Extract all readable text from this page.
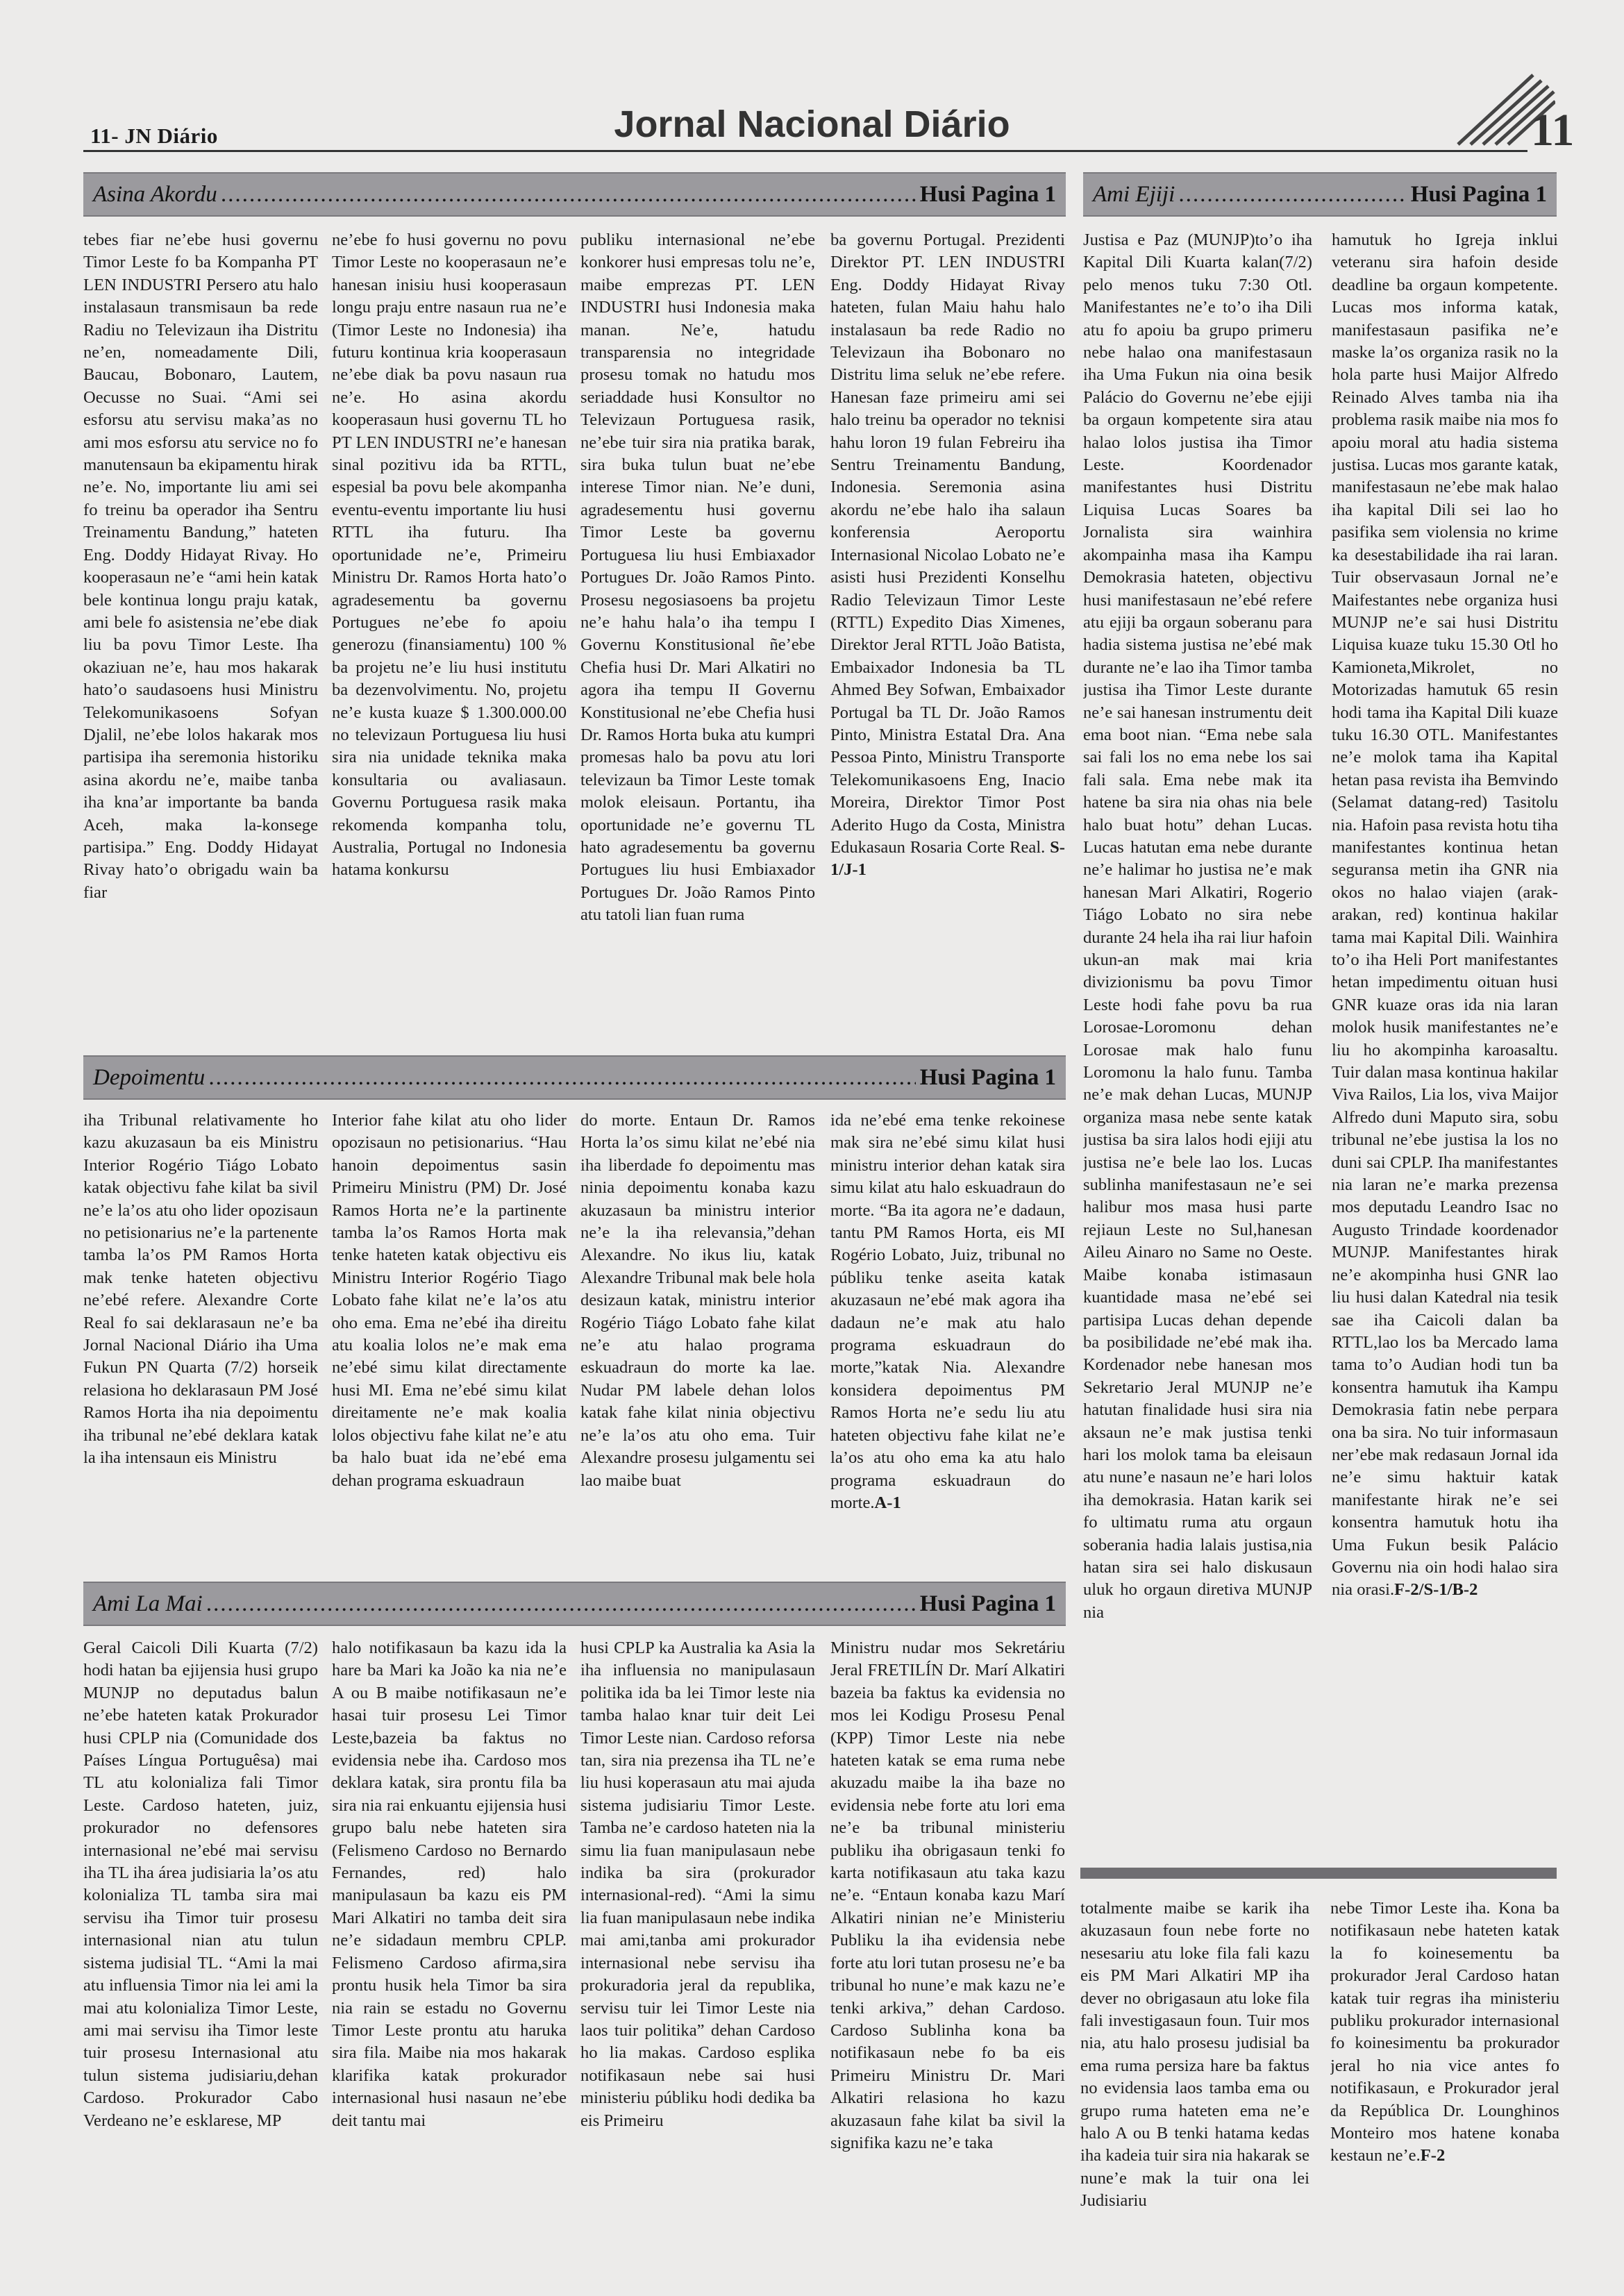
11- JN Diário	Jornal Nacional Diário	11
Asina Akordu .....	Husi Pagina 1

tebes fiar ne’ebe husi governu Timor Leste fo ba Kompanha PT LEN INDUSTRI Persero atu halo instalasaun transmisaun ba rede Radiu no Televizaun iha Distritu ne’en, nomeadamente Dili, Baucau, Bobonaro, Lautem, Oecusse no Suai. “Ami sei esforsu atu servisu maka’as no ami mos esforsu atu service no fo manutensaun ba ekipamentu hirak ne’e. No, importante liu ami sei fo treinu ba operador iha Sentru Treinamentu Bandung,” hateten Eng. Doddy Hidayat Rivay. Ho kooperasaun ne’e “ami hein katak bele kontinua longu praju katak, ami bele fo asistensia ne’ebe diak liu ba povu Timor Leste. Iha okaziuan ne’e, hau mos hakarak hato’o saudasoens husi Ministru Telekomunikasoens Sofyan Djalil, ne’ebe lolos hakarak mos partisipa iha seremonia historiku asina akordu ne’e, maibe tanba iha kna’ar importante ba banda Aceh, maka la-konsege partisipa.” Eng. Doddy Hidayat Rivay hato’o obrigadu wain ba fiar

ne’ebe fo husi governu no povu Timor Leste no kooperasaun ne’e hanesan inisiu husi kooperasaun longu praju entre nasaun rua ne’e (Timor Leste no Indonesia) iha futuru kontinua kria kooperasaun ne’ebe diak ba povu nasaun rua ne’e. Ho asina akordu kooperasaun husi governu TL ho PT LEN INDUSTRI ne’e hanesan sinal pozitivu ida ba RTTL, espesial ba povu bele akompanha eventu-eventu importante liu husi RTTL iha futuru. Iha oportunidade ne’e, Primeiru Ministru Dr. Ramos Horta hato’o agradesementu ba governu Portugues ne’ebe fo apoiu generozu (finansiamentu) 100 % ba projetu ne’e liu husi institutu ba dezenvolvimentu. No, projetu ne’e kusta kuaze $ 1.300.000.00 no televizaun Portuguesa liu husi sira nia unidade teknika maka konsultaria ou avaliasaun. Governu Portuguesa rasik maka rekomenda kompanha tolu, Australia, Portugal no Indonesia hatama konkursu

publiku internasional ne’ebe konkorer husi empresas tolu ne’e, maibe emprezas PT. LEN INDUSTRI husi Indonesia maka manan. Ne’e, hatudu transparensia no integridade prosesu tomak no hatudu mos seriaddade husi Konsultor no Televizaun Portuguesa rasik, ne’ebe tuir sira nia pratika barak, sira buka tulun buat ne’ebe interese Timor nian. Ne’e duni, agradesementu husi governu Timor Leste ba governu Portuguesa liu husi Embiaxador Portugues Dr. João Ramos Pinto. Prosesu negosiasoens ba projetu ne’e hahu hala’o iha tempu I Governu Konstitusional ñe’ebe Chefia husi Dr. Mari Alkatiri no agora iha tempu II Governu Konstitusional ne’ebe Chefia husi Dr. Ramos Horta buka atu kumpri promesas halo ba povu atu lori televizaun ba Timor Leste tomak molok eleisaun. Portantu, iha oportunidade ne’e governu TL hato agradesementu ba governu Portugues liu husi Embiaxador Portugues Dr. João Ramos Pinto atu tatoli lian fuan ruma

ba governu Portugal. Prezidenti Direktor PT. LEN INDUSTRI Eng. Doddy Hidayat Rivay hateten, fulan Maiu hahu halo instalasaun ba rede Radio no Televizaun iha Bobonaro no Distritu lima seluk ne’ebe refere. Hanesan faze primeiru ami sei halo treinu ba operador no teknisi hahu loron 19 fulan Febreiru iha Sentru Treinamentu Bandung, Indonesia. Seremonia asina akordu ne’ebe halo iha salaun konferensia Aeroportu Internasional Nicolao Lobato ne’e asisti husi Prezidenti Konselhu Radio Televizaun Timor Leste (RTTL) Expedito Dias Ximenes, Direktor Jeral RTTL João Batista, Embaixador Indonesia ba TL Ahmed Bey Sofwan, Embaixador Portugal ba TL Dr. João Ramos Pinto, Ministra Estatal Dra. Ana Pessoa Pinto, Ministru Transporte Telekomunikasoens Eng, Inacio Moreira, Direktor Timor Post Aderito Hugo da Costa, Ministra Edukasaun Rosaria Corte Real. S-1/J-1

Depoimentu .....	Husi Pagina 1

iha Tribunal relativamente ho kazu akuzasaun ba eis Ministru Interior Rogério Tiágo Lobato katak objectivu fahe kilat ba sivil ne’e la’os atu oho lider opozisaun no petisionarius ne’e la partenente tamba la’os PM Ramos Horta mak tenke hateten objectivu ne’ebé refere. Alexandre Corte Real fo sai deklarasaun ne’e ba Jornal Nacional Diário iha Uma Fukun PN Quarta (7/2) horseik relasiona ho deklarasaun PM José Ramos Horta iha nia depoimentu iha tribunal ne’ebé deklara katak la iha intensaun eis Ministru

Interior fahe kilat atu oho lider opozisaun no petisionarius. “Hau hanoin depoimentus sasin Primeiru Ministru (PM) Dr. José Ramos Horta ne’e la partinente tamba la’os Ramos Horta mak tenke hateten katak objectivu eis Ministru Interior Rogério Tiago Lobato fahe kilat ne’e la’os atu oho ema. Ema ne’ebé iha direitu atu koalia lolos ne’e mak ema ne’ebé simu kilat directamente husi MI. Ema ne’ebé simu kilat direitamente ne’e mak koalia lolos objectivu fahe kilat ne’e atu ba halo buat ida ne’ebé ema dehan programa eskuadraun

do morte. Entaun Dr. Ramos Horta la’os simu kilat ne’ebé nia iha liberdade fo depoimentu mas ninia depoimentu konaba kazu akuzasaun ba ministru interior ne’e la iha relevansia,”dehan Alexandre. No ikus liu, katak Alexandre Tribunal mak bele hola desizaun katak, ministru interior Rogério Tiágo Lobato fahe kilat ne’e atu halao programa eskuadraun do morte ka lae. Nudar PM labele dehan lolos katak fahe kilat ninia objectivu ne’e la’os atu oho ema. Tuir Alexandre prosesu julgamentu sei lao maibe buat

ida ne’ebé ema tenke rekoinese mak sira ne’ebé simu kilat husi ministru interior dehan katak sira simu kilat atu halo eskuadraun do morte. “Ba ita agora ne’e dadaun, tantu PM Ramos Horta, eis MI Rogério Lobato, Juiz, tribunal no públiku tenke aseita katak akuzasaun ne’ebé mak agora iha dadaun ne’e mak atu halo programa eskuadraun do morte,”katak Nia. Alexandre konsidera depoimentus PM Ramos Horta ne’e sedu liu atu hateten objectivu fahe kilat ne’e la’os atu oho ema ka atu halo programa eskuadraun do morte.A-1

Ami La Mai .....	Husi Pagina 1

Geral Caicoli Dili Kuarta (7/2) hodi hatan ba ejijensia husi grupo MUNJP no deputadus balun ne’ebe hateten katak Prokurador husi CPLP nia (Comunidade dos Países Língua Portuguêsa) mai TL atu kolonializa fali Timor Leste. Cardoso hateten, juiz, prokurador no defensores internasional ne’ebé mai servisu iha TL iha área judisiaria la’os atu kolonializa TL tamba sira mai servisu iha Timor tuir prosesu internasional nian atu tulun sistema judisial TL. “Ami la mai atu influensia Timor nia lei ami la mai atu kolonializa Timor Leste, ami mai servisu iha Timor leste tuir prosesu Internasional atu tulun sistema judisiariu,dehan Cardoso. Prokurador Cabo Verdeano ne’e esklarese, MP

halo notifikasaun ba kazu ida la hare ba Mari ka João ka nia ne’e A ou B maibe notifikasaun ne’e hasai tuir prosesu Lei Timor Leste,bazeia ba faktus no evidensia nebe iha. Cardoso mos deklara katak, sira prontu fila ba sira nia rai enkuantu ejijensia husi grupo balu nebe hateten sira (Felismeno Cardoso no Bernardo Fernandes, red) halo manipulasaun ba kazu eis PM Mari Alkatiri no tamba deit sira ne’e sidadaun membru CPLP. Felismeno Cardoso afirma,sira prontu husik hela Timor ba sira nia rain se estadu no Governu Timor Leste prontu atu haruka sira fila. Maibe nia mos hakarak klarifika katak prokurador internasional husi nasaun ne’ebe deit tantu mai

husi CPLP ka Australia ka Asia la iha influensia no manipulasaun politika ida ba lei Timor leste nia tamba halao knar tuir deit Lei Timor Leste nian. Cardoso reforsa tan, sira nia prezensa iha TL ne’e liu husi koperasaun atu mai ajuda sistema judisiariu Timor Leste. Tamba ne’e cardoso hateten nia la simu lia fuan manipulasaun nebe indika ba sira (prokurador internasional-red). “Ami la simu lia fuan manipulasaun nebe indika mai ami,tanba ami prokurador internasional nebe servisu iha prokuradoria jeral da republika, servisu tuir lei Timor Leste nia laos tuir politika” dehan Cardoso ho lia makas. Cardoso esplika notifikasaun nebe sai husi ministeriu públiku hodi dedika ba eis Primeiru

Ministru nudar mos Sekretáriu Jeral FRETILÍN Dr. Marí Alkatiri bazeia ba faktus ka evidensia no mos lei Kodigu Prosesu Penal (KPP) Timor Leste nia nebe hateten katak se ema ruma nebe akuzadu maibe la iha baze no evidensia nebe forte atu lori ema ne’e ba tribunal ministeriu publiku iha obrigasaun tenki fo karta notifikasaun atu taka kazu ne’e. “Entaun konaba kazu Marí Alkatiri ninian ne’e Ministeriu Publiku la iha evidensia nebe forte atu lori tutan prosesu ne’e ba tribunal ho nune’e mak kazu ne’e tenki arkiva,” dehan Cardoso. Cardoso Sublinha kona ba notifikasaun nebe fo ba eis Primeiru Ministru Dr. Mari Alkatiri relasiona ho kazu akuzasaun fahe kilat ba sivil la signifika kazu ne’e taka

totalmente maibe se karik iha akuzasaun foun nebe forte no nesesariu atu loke fila fali kazu eis PM Mari Alkatiri MP iha dever no obrigasaun atu loke fila fali investigasaun foun. Tuir mos nia, atu halo prosesu judisial ba ema ruma persiza hare ba faktus no evidensia laos tamba ema ou grupo ruma hateten ema ne’e halo A ou B tenki hatama kedas iha kadeia tuir sira nia hakarak se nune’e mak la tuir ona lei Judisiariu

nebe Timor Leste iha. Kona ba notifikasaun nebe hateten katak la fo koinesementu ba prokurador Jeral Cardoso hatan katak tuir regras iha ministeriu publiku prokurador internasional fo koinesimentu ba prokurador jeral ho nia vice antes fo notifikasaun, e Prokurador jeral da República Dr. Lounghinos Monteiro mos hatene konaba kestaun ne’e.F-2

Ami Ejiji .....	Husi Pagina 1

Justisa e Paz (MUNJP)to’o iha Kapital Dili Kuarta kalan(7/2) pelo menos tuku 7:30 Otl. Manifestantes ne’e to’o iha Dili atu fo apoiu ba grupo primeru nebe halao ona manifestasaun iha Uma Fukun nia oina besik Palácio do Governu ne’ebe ejiji ba orgaun kompetente sira atau halao lolos justisa iha Timor Leste. Koordenador manifestantes husi Distritu Liquisa Lucas Soares ba Jornalista sira wainhira akompainha masa iha Kampu Demokrasia hateten, objectivu husi manifestasaun ne’ebé refere atu ejiji ba orgaun soberanu para hadia sistema justisa ne’ebé mak durante ne’e lao iha Timor tamba justisa iha Timor Leste durante ne’e sai hanesan instrumentu deit ema boot nian. “Ema nebe sala sai fali los no ema nebe los sai fali sala. Ema nebe mak ita hatene ba sira nia ohas nia bele halo buat hotu” dehan Lucas. Lucas hatutan ema nebe durante ne’e halimar ho justisa ne’e mak hanesan Mari Alkatiri, Rogerio Tiágo Lobato no sira nebe durante 24 hela iha rai liur hafoin ukun-an mak mai kria divizionismu ba povu Timor Leste hodi fahe povu ba rua Lorosae-Loromonu dehan Lorosae mak halo funu Loromonu la halo funu. Tamba ne’e mak dehan Lucas, MUNJP organiza masa nebe sente katak justisa ba sira lalos hodi ejiji atu justisa ne’e bele lao los. Lucas sublinha manifestasaun ne’e sei halibur mos masa husi parte rejiaun Leste no Sul,hanesan Aileu Ainaro no Same no Oeste. Maibe konaba istimasaun kuantidade masa ne’ebé sei partisipa Lucas dehan depende ba posibilidade ne’ebé mak iha. Kordenador nebe hanesan mos Sekretario Jeral MUNJP ne’e hatutan finalidade husi sira nia aksaun ne’e mak justisa tenki hari los molok tama ba eleisaun atu nune’e nasaun ne’e hari lolos iha demokrasia. Hatan karik sei fo ultimatu ruma atu orgaun soberania hadia lalais justisa,nia hatan sira sei halo diskusaun uluk ho orgaun diretiva MUNJP nia

hamutuk ho Igreja inklui veteranu sira hafoin deside deadline ba orgaun kompetente. Lucas mos informa katak, manifestasaun pasifika ne’e maske la’os organiza rasik no la hola parte husi Maijor Alfredo Reinado Alves tamba nia iha problema rasik maibe nia mos fo apoiu moral atu hadia sistema justisa. Lucas mos garante katak, manifestasaun ne’ebe mak halao iha kapital Dili sei lao ho pasifika sem violensia no krime ka desestabilidade iha rai laran. Tuir observasaun Jornal ne’e Maifestantes nebe organiza husi MUNJP ne’e sai husi Distritu Liquisa kuaze tuku 15.30 Otl ho Kamioneta,Mikrolet, no Motorizadas hamutuk 65 resin hodi tama iha Kapital Dili kuaze tuku 16.30 OTL. Manifestantes ne’e molok tama iha Kapital hetan pasa revista iha Bemvindo (Selamat datang-red) Tasitolu nia. Hafoin pasa revista hotu tiha manifestantes kontinua hetan seguransa metin iha GNR nia okos no halao viajen (arak-arakan, red) kontinua hakilar tama mai Kapital Dili. Wainhira to’o iha Heli Port manifestantes hetan impedimentu oituan husi GNR kuaze oras ida nia laran molok husik manifestantes ne’e liu ho akompinha karoasaltu. Tuir dalan masa kontinua hakilar Viva Railos, Lia los, viva Maijor Alfredo duni Maputo sira, sobu tribunal ne’ebe justisa la los no duni sai CPLP. Iha manifestantes nia laran ne’e marka prezensa mos deputadu Leandro Isac no Augusto Trindade koordenador MUNJP. Manifestantes hirak ne’e akompinha husi GNR lao liu husi dalan Katedral nia tesik sae iha Caicoli dalan ba RTTL,lao los ba Mercado lama tama to’o Audian hodi tun ba konsentra hamutuk iha Kampu Demokrasia fatin nebe perpara ona ba sira. No tuir informasaun ner’ebe mak redasaun Jornal ida ne’e simu haktuir katak manifestante hirak ne’e sei konsentra hamutuk hotu iha Uma Fukun besik Palácio Governu nia oin hodi halao sira nia orasi.F-2/S-1/B-2
